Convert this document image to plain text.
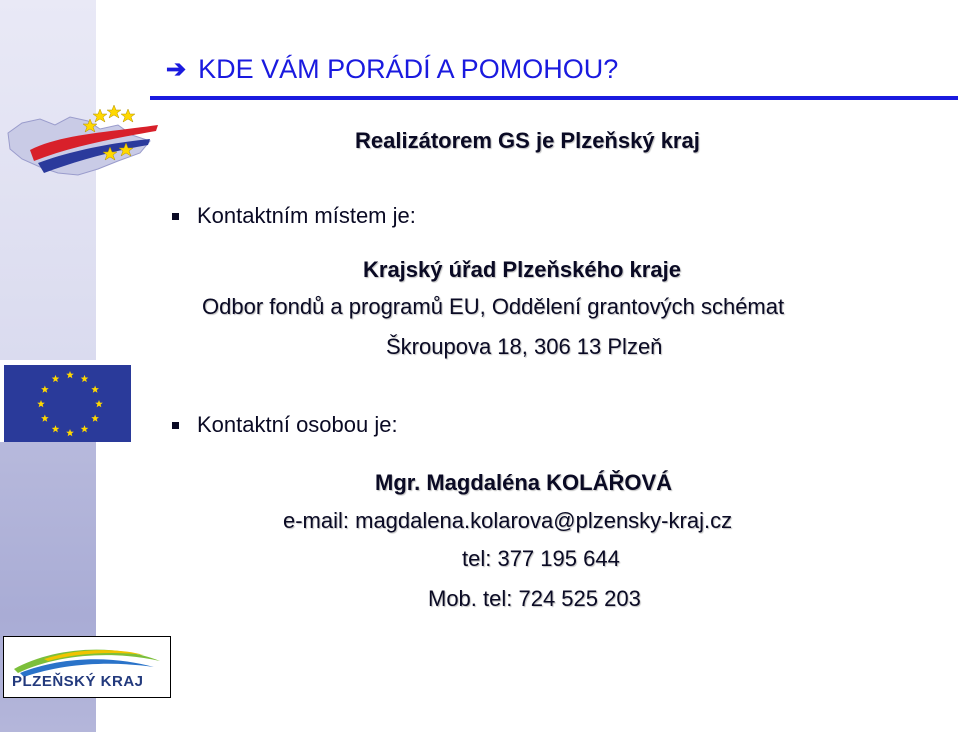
➔ KDE VÁM PORÁDÍ A POMOHOU?
Realizátorem GS je Plzeňský kraj
Kontaktním místem je:
Krajský úřad Plzeňského kraje
Odbor fondů a programů EU, Oddělení grantových schémat
Škroupova 18, 306 13 Plzeň
Kontaktní osobou je:
Mgr. Magdaléna KOLÁŘOVÁ
e-mail: magdalena.kolarova@plzensky-kraj.cz
tel: 377 195 644
Mob. tel: 724 525 203
PLZEŇSKÝ KRAJ
